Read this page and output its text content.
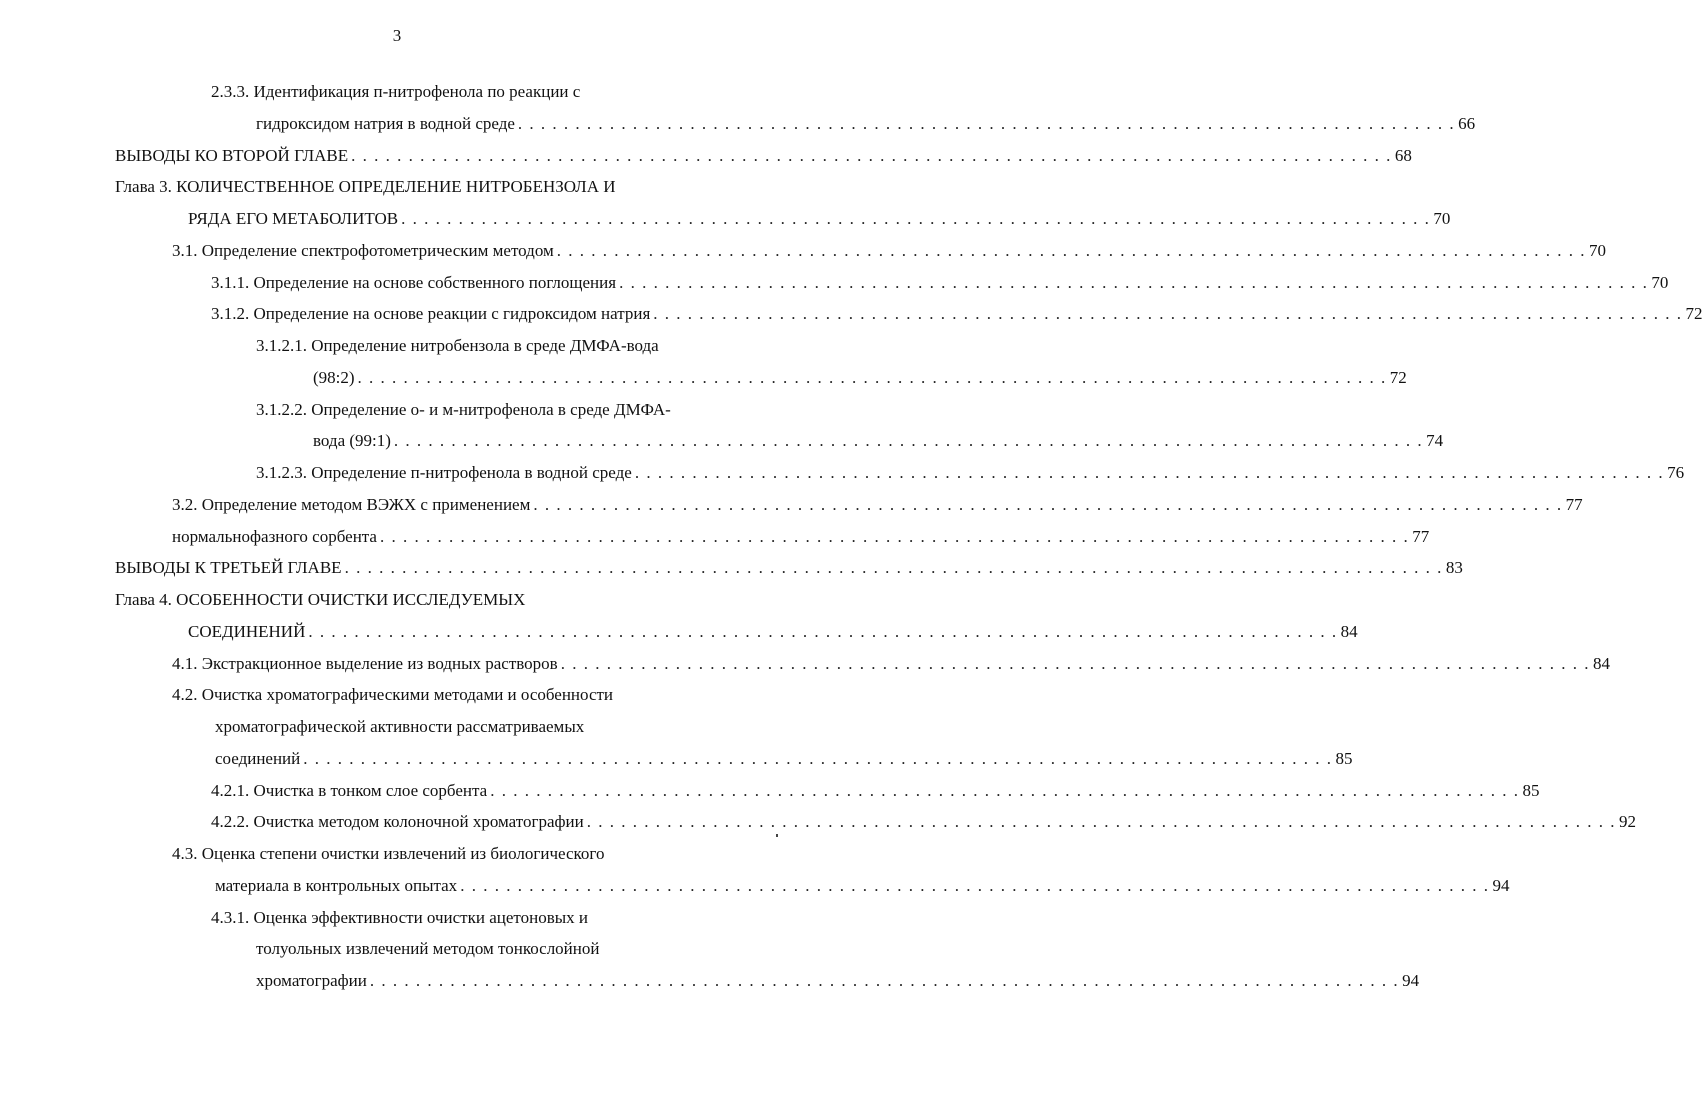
3
2.3.3. Идентификация п-нитрофенола по реакции с
гидроксидом натрия в водной среде . . . . . . . . . . . . . . . . . . . . . . . . . . . . . . . . . . . . . . . . . . . . . . . . . . . . . . . . . . . . . . . . . . . . . . . . . . . . . . . . . . 66
ВЫВОДЫ КО ВТОРОЙ ГЛАВЕ . . . . . . . . . . . . . . . . . . . . . . . . . . . . . . . . . . . . . . . . . . . . . . . . . . . . . . . . . . . . . . . . . . . . . . . . . . . . . . . . . . . . . . . . . . . 68
Глава 3. КОЛИЧЕСТВЕННОЕ ОПРЕДЕЛЕНИЕ НИТРОБЕНЗОЛА И
РЯДА ЕГО МЕТАБОЛИТОВ . . . . . . . . . . . . . . . . . . . . . . . . . . . . . . . . . . . . . . . . . . . . . . . . . . . . . . . . . . . . . . . . . . . . . . . . . . . . . . . . . . . . . . . . . . 70
3.1. Определение спектрофотометрическим методом . . . . . . . . . . . . . . . . . . . . . . . . . . . . . . . . . . . . . . . . . . . . . . . . . . . . . . . . . . . . . . . . . . . . . . . . . . . . . . . . . . . . . . . . . . 70
3.1.1. Определение на основе собственного поглощения . . . . . . . . . . . . . . . . . . . . . . . . . . . . . . . . . . . . . . . . . . . . . . . . . . . . . . . . . . . . . . . . . . . . . . . . . . . . . . . . . . . . . . . . . . 70
3.1.2. Определение на основе реакции с гидроксидом натрия . . . . . . . . . . . . . . . . . . . . . . . . . . . . . . . . . . . . . . . . . . . . . . . . . . . . . . . . . . . . . . . . . . . . . . . . . . . . . . . . . . . . . . . . . . 72
3.1.2.1. Определение нитробензола в среде ДМФА-вода
(98:2) . . . . . . . . . . . . . . . . . . . . . . . . . . . . . . . . . . . . . . . . . . . . . . . . . . . . . . . . . . . . . . . . . . . . . . . . . . . . . . . . . . . . . . . . . . 72
3.1.2.2. Определение о- и м-нитрофенола в среде ДМФА-
вода (99:1) . . . . . . . . . . . . . . . . . . . . . . . . . . . . . . . . . . . . . . . . . . . . . . . . . . . . . . . . . . . . . . . . . . . . . . . . . . . . . . . . . . . . . . . . . . 74
3.1.2.3. Определение п-нитрофенола в водной среде . . . . . . . . . . . . . . . . . . . . . . . . . . . . . . . . . . . . . . . . . . . . . . . . . . . . . . . . . . . . . . . . . . . . . . . . . . . . . . . . . . . . . . . . . . 76
3.2. Определение методом ВЭЖХ с применением . . . . . . . . . . . . . . . . . . . . . . . . . . . . . . . . . . . . . . . . . . . . . . . . . . . . . . . . . . . . . . . . . . . . . . . . . . . . . . . . . . . . . . . . . . 77
нормальнофазного сорбента . . . . . . . . . . . . . . . . . . . . . . . . . . . . . . . . . . . . . . . . . . . . . . . . . . . . . . . . . . . . . . . . . . . . . . . . . . . . . . . . . . . . . . . . . . 77
ВЫВОДЫ К ТРЕТЬЕЙ ГЛАВЕ . . . . . . . . . . . . . . . . . . . . . . . . . . . . . . . . . . . . . . . . . . . . . . . . . . . . . . . . . . . . . . . . . . . . . . . . . . . . . . . . . . . . . . . . . . . . . . . . 83
Глава 4. ОСОБЕННОСТИ ОЧИСТКИ ИССЛЕДУЕМЫХ
СОЕДИНЕНИЙ . . . . . . . . . . . . . . . . . . . . . . . . . . . . . . . . . . . . . . . . . . . . . . . . . . . . . . . . . . . . . . . . . . . . . . . . . . . . . . . . . . . . . . . . . . 84
4.1. Экстракционное выделение из водных растворов . . . . . . . . . . . . . . . . . . . . . . . . . . . . . . . . . . . . . . . . . . . . . . . . . . . . . . . . . . . . . . . . . . . . . . . . . . . . . . . . . . . . . . . . . . 84
4.2. Очистка хроматографическими методами и особенности
хроматографической активности рассматриваемых
соединений . . . . . . . . . . . . . . . . . . . . . . . . . . . . . . . . . . . . . . . . . . . . . . . . . . . . . . . . . . . . . . . . . . . . . . . . . . . . . . . . . . . . . . . . . . 85
4.2.1. Очистка в тонком слое сорбента . . . . . . . . . . . . . . . . . . . . . . . . . . . . . . . . . . . . . . . . . . . . . . . . . . . . . . . . . . . . . . . . . . . . . . . . . . . . . . . . . . . . . . . . . . 85
4.2.2. Очистка методом колоночной хроматографии . . . . . . . . . . . . . . . . . . . . . . . . . . . . . . . . . . . . . . . . . . . . . . . . . . . . . . . . . . . . . . . . . . . . . . . . . . . . . . . . . . . . . . . . . . 92
4.3. Оценка степени очистки извлечений из биологического
материала в контрольных опытах . . . . . . . . . . . . . . . . . . . . . . . . . . . . . . . . . . . . . . . . . . . . . . . . . . . . . . . . . . . . . . . . . . . . . . . . . . . . . . . . . . . . . . . . . . 94
4.3.1. Оценка эффективности очистки ацетоновых и
толуольных извлечений методом тонкослойной
хроматографии . . . . . . . . . . . . . . . . . . . . . . . . . . . . . . . . . . . . . . . . . . . . . . . . . . . . . . . . . . . . . . . . . . . . . . . . . . . . . . . . . . . . . . . . . . 94
